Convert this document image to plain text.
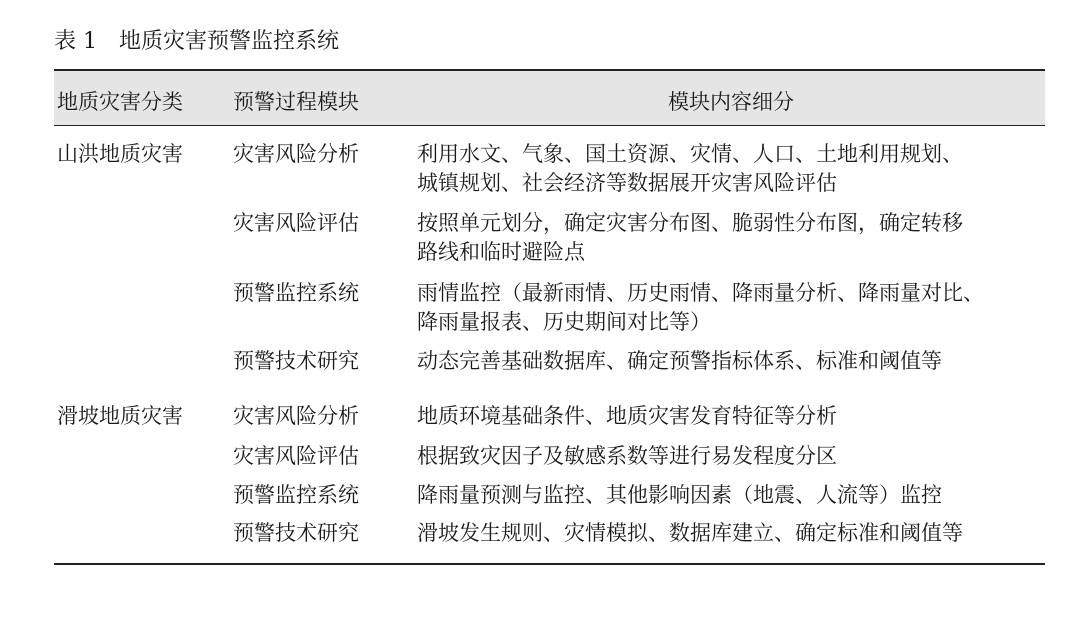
表 1 地质灾害预警监控系统
地质灾害分类 预警过程模块	模块内容细分
山洪地质灾害 灾害风险分析	利用水文、气象、国土资源、灾情、人口、土地利用规划、
城镇规划、社会经济等数据展开灾害风险评估
灾害风险评估	按照单元划分，确定灾害分布图、脆弱性分布图，确定转移
路线和临时避险点
预警监控系统	雨情监控（最新雨情、历史雨情、降雨量分析、降雨量对比、
降雨量报表、历史期间对比等）
预警技术研究	动态完善基础数据库、确定预警指标体系、标准和阈值等
滑坡地质灾害 灾害风险分析	地质环境基础条件、地质灾害发育特征等分析
灾害风险评估	根据致灾因子及敏感系数等进行易发程度分区
预警监控系统	降雨量预测与监控、其他影响因素（地震、人流等）监控
预警技术研究	滑坡发生规则、灾情模拟、数据库建立、确定标准和阈值等
